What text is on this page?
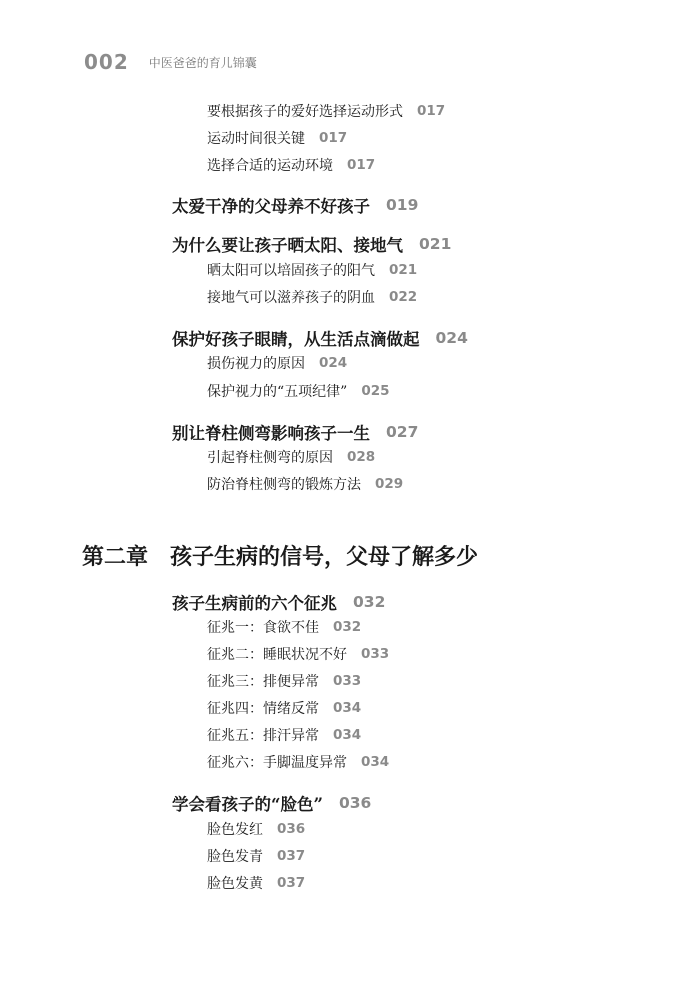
002 中医爸爸的育儿锦囊
要根据孩子的爱好选择运动形式 017
运动时间很关键 017
选择合适的运动环境 017
太爱干净的父母养不好孩子 019
为什么要让孩子晒太阳、接地气 021
晒太阳可以培固孩子的阳气 021
接地气可以滋养孩子的阴血 022
保护好孩子眼睛，从生活点滴做起 024
损伤视力的原因 024
保护视力的“五项纪律” 025
别让脊柱侧弯影响孩子一生 027
引起脊柱侧弯的原因 028
防治脊柱侧弯的锻炼方法 029
第二章 孩子生病的信号，父母了解多少
孩子生病前的六个征兆 032
征兆一：食欲不佳 032
征兆二：睡眠状况不好 033
征兆三：排便异常 033
征兆四：情绪反常 034
征兆五：排汗异常 034
征兆六：手脚温度异常 034
学会看孩子的“脸色” 036
脸色发红 036
脸色发青 037
脸色发黄 037
